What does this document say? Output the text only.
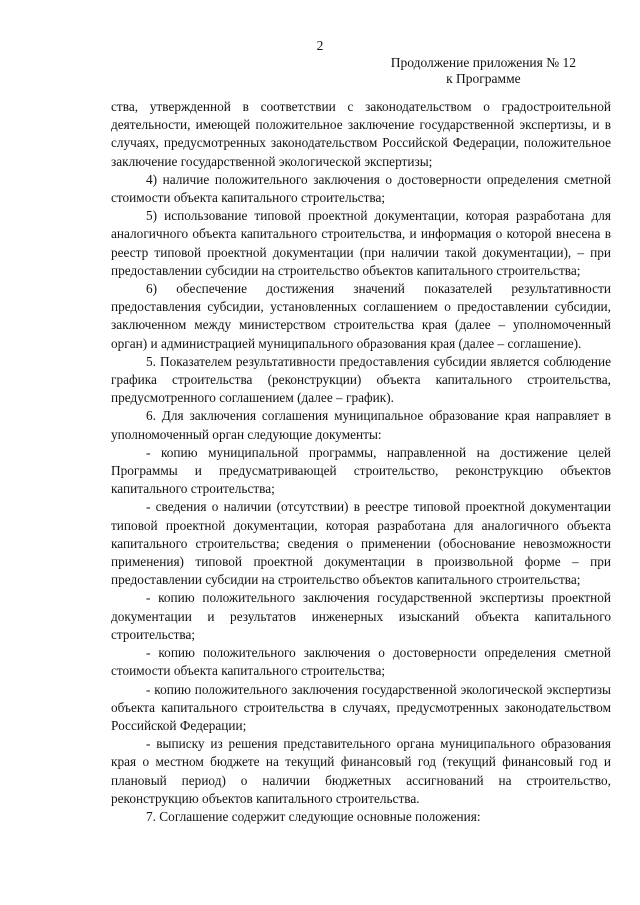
2
Продолжение приложения № 12
к Программе

ства, утвержденной в соответствии с законодательством о градостроительной деятельности, имеющей положительное заключение государственной экспертизы, и в случаях, предусмотренных законодательством Российской Федерации, положительное заключение государственной экологической экспертизы;

4) наличие положительного заключения о достоверности определения сметной стоимости объекта капитального строительства;

5) использование типовой проектной документации, которая разработана для аналогичного объекта капитального строительства, и информация о которой внесена в реестр типовой проектной документации (при наличии такой документации), – при предоставлении субсидии на строительство объектов капитального строительства;

6) обеспечение достижения значений показателей результативности предоставления субсидии, установленных соглашением о предоставлении субсидии, заключенном между министерством строительства края (далее – уполномоченный орган) и администрацией муниципального образования края (далее – соглашение).

5. Показателем результативности предоставления субсидии является соблюдение графика строительства (реконструкции) объекта капитального строительства, предусмотренного соглашением (далее – график).

6. Для заключения соглашения муниципальное образование края направляет в уполномоченный орган следующие документы:

- копию муниципальной программы, направленной на достижение целей Программы и предусматривающей строительство, реконструкцию объектов капитального строительства;

- сведения о наличии (отсутствии) в реестре типовой проектной документации типовой проектной документации, которая разработана для аналогичного объекта капитального строительства; сведения о применении (обоснование невозможности применения) типовой проектной документации в произвольной форме – при предоставлении субсидии на строительство объектов капитального строительства;

- копию положительного заключения государственной экспертизы проектной документации и результатов инженерных изысканий объекта капитального строительства;

- копию положительного заключения о достоверности определения сметной стоимости объекта капитального строительства;

- копию положительного заключения государственной экологической экспертизы объекта капитального строительства в случаях, предусмотренных законодательством Российской Федерации;

- выписку из решения представительного органа муниципального образования края о местном бюджете на текущий финансовый год (текущий финансовый год и плановый период) о наличии бюджетных ассигнований на строительство, реконструкцию объектов капитального строительства.

7. Соглашение содержит следующие основные положения:
